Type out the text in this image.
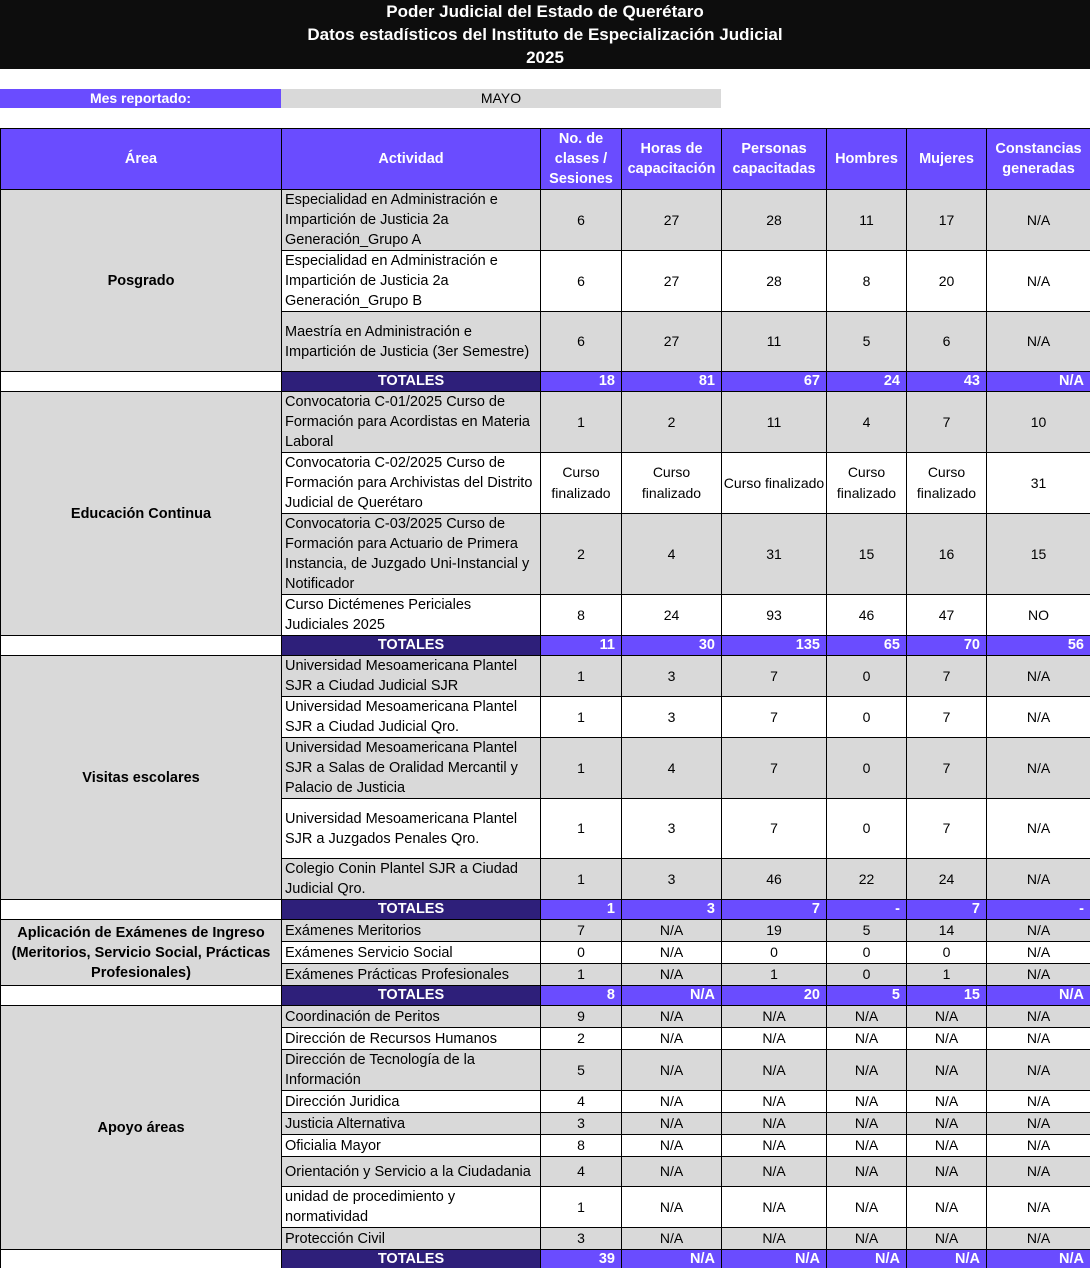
Poder Judicial del Estado de Querétaro
Datos estadísticos del Instituto de Especialización Judicial
2025
Mes reportado:	MAYO
Área	Actividad	No. de clases / Sesiones	Horas de capacitación	Personas capacitadas	Hombres	Mujeres	Constancias generadas
Posgrado	Especialidad en Administración e Impartición de Justicia 2a Generación_Grupo A	6	27	28	11	17	N/A
	Especialidad en Administración e Impartición de Justicia 2a Generación_Grupo B	6	27	28	8	20	N/A
	Maestría en Administración e Impartición de Justicia (3er Semestre)	6	27	11	5	6	N/A
	TOTALES	18	81	67	24	43	N/A
Educación Continua	Convocatoria C-01/2025 Curso de Formación para Acordistas en Materia Laboral	1	2	11	4	7	10
	Convocatoria C-02/2025 Curso de Formación para Archivistas del Distrito Judicial de Querétaro	Curso finalizado	Curso finalizado	Curso finalizado	Curso finalizado	Curso finalizado	31
	Convocatoria C-03/2025 Curso de Formación para Actuario de Primera Instancia, de Juzgado Uni-Instancial y Notificador	2	4	31	15	16	15
	Curso Dictémenes Periciales Judiciales 2025	8	24	93	46	47	NO
	TOTALES	11	30	135	65	70	56
Visitas escolares	Universidad Mesoamericana Plantel SJR a Ciudad Judicial SJR	1	3	7	0	7	N/A
	Universidad Mesoamericana Plantel SJR a Ciudad Judicial Qro.	1	3	7	0	7	N/A
	Universidad Mesoamericana Plantel SJR a Salas de Oralidad Mercantil y Palacio de Justicia	1	4	7	0	7	N/A
	Universidad Mesoamericana Plantel SJR a Juzgados Penales Qro.	1	3	7	0	7	N/A
	Colegio Conin Plantel SJR a Ciudad Judicial Qro.	1	3	46	22	24	N/A
	TOTALES	1	3	7	-	7	-
Aplicación de Exámenes de Ingreso (Meritorios, Servicio Social, Prácticas Profesionales)	Exámenes Meritorios	7	N/A	19	5	14	N/A
	Exámenes Servicio Social	0	N/A	0	0	0	N/A
	Exámenes Prácticas Profesionales	1	N/A	1	0	1	N/A
	TOTALES	8	N/A	20	5	15	N/A
Apoyo áreas	Coordinación de Peritos	9	N/A	N/A	N/A	N/A	N/A
	Dirección de Recursos Humanos	2	N/A	N/A	N/A	N/A	N/A
	Dirección de Tecnología de la Información	5	N/A	N/A	N/A	N/A	N/A
	Dirección Juridica	4	N/A	N/A	N/A	N/A	N/A
	Justicia Alternativa	3	N/A	N/A	N/A	N/A	N/A
	Oficialia Mayor	8	N/A	N/A	N/A	N/A	N/A
	Orientación y Servicio a la Ciudadania	4	N/A	N/A	N/A	N/A	N/A
	unidad de procedimiento y normatividad	1	N/A	N/A	N/A	N/A	N/A
	Protección Civil	3	N/A	N/A	N/A	N/A	N/A
	TOTALES	39	N/A	N/A	N/A	N/A	N/A
